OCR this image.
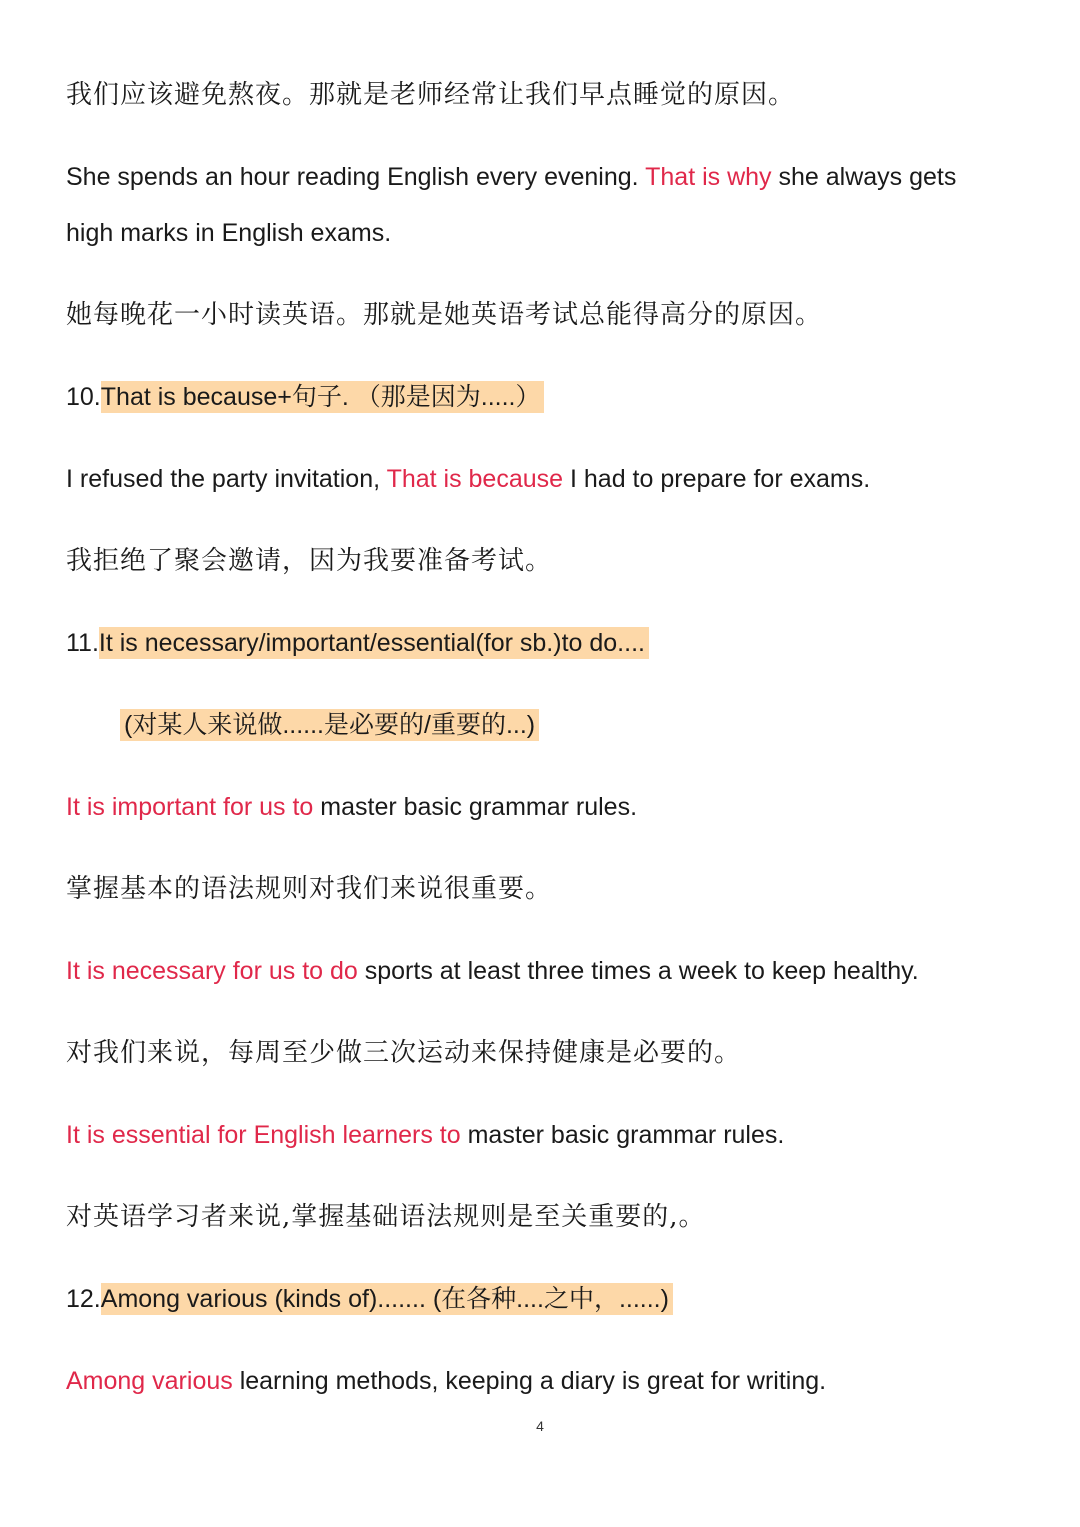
我们应该避免熬夜。那就是老师经常让我们早点睡觉的原因。
She spends an hour reading English every evening. That is why she always gets
high marks in English exams.
她每晚花一小时读英语。那就是她英语考试总能得高分的原因。
10.That is because+句子. （那是因为.....）
I refused the party invitation, That is because I had to prepare for exams.
我拒绝了聚会邀请，因为我要准备考试。
11.It is necessary/important/essential(for sb.)to do....
(对某人来说做......是必要的/重要的...)
It is important for us to master basic grammar rules.
掌握基本的语法规则对我们来说很重要。
It is necessary for us to do sports at least three times a week to keep healthy.
对我们来说，每周至少做三次运动来保持健康是必要的。
It is essential for English learners to master basic grammar rules.
对英语学习者来说,掌握基础语法规则是至关重要的,。
12.Among various (kinds of)....... (在各种....之中，......)
Among various learning methods, keeping a diary is great for writing.
4
